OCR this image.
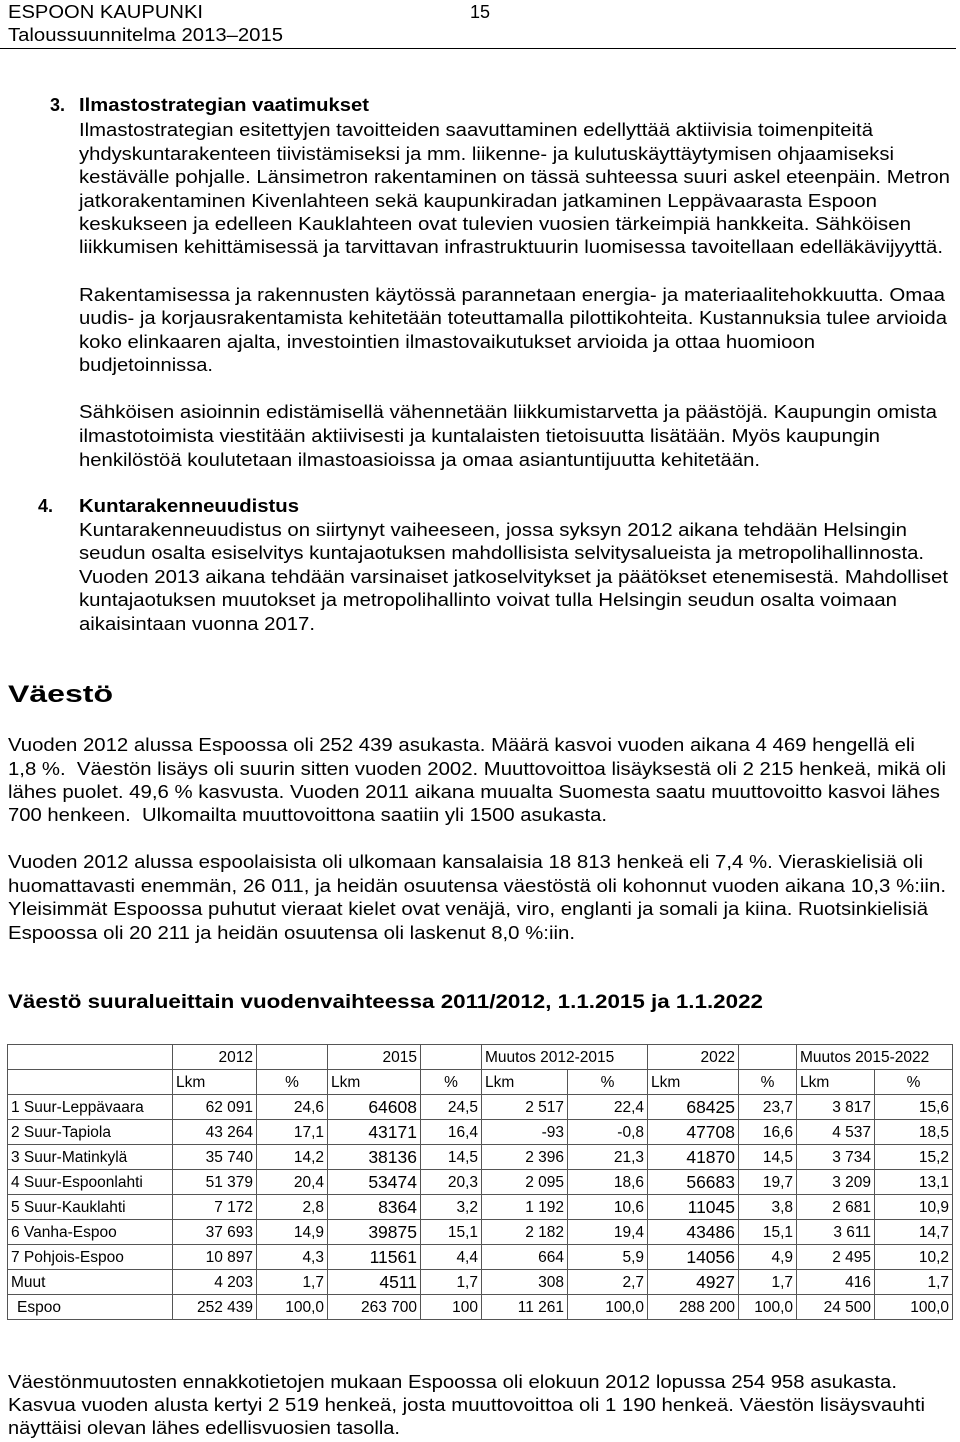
ESPOON KAUPUNKI	15
Taloussuunnitelma 2013–2015
3. Ilmastostrategian vaatimukset
Ilmastostrategian esitettyjen tavoitteiden saavuttaminen edellyttää aktiivisia toimenpiteitä
yhdyskuntarakenteen tiivistämiseksi ja mm. liikenne- ja kulutuskäyttäytymisen ohjaamiseksi
kestävälle pohjalle. Länsimetron rakentaminen on tässä suhteessa suuri askel eteenpäin. Metron
jatkorakentaminen Kivenlahteen sekä kaupunkiradan jatkaminen Leppävaarasta Espoon
keskukseen ja edelleen Kauklahteen ovat tulevien vuosien tärkeimpiä hankkeita. Sähköisen
liikkumisen kehittämisessä ja tarvittavan infrastruktuurin luomisessa tavoitellaan edelläkävijyyttä.
Rakentamisessa ja rakennusten käytössä parannetaan energia- ja materiaalitehokkuutta. Omaa
uudis- ja korjausrakentamista kehitetään toteuttamalla pilottikohteita. Kustannuksia tulee arvioida
koko elinkaaren ajalta, investointien ilmastovaikutukset arvioida ja ottaa huomioon
budjetoinnissa.
Sähköisen asioinnin edistämisellä vähennetään liikkumistarvetta ja päästöjä. Kaupungin omista
ilmastotoimista viestitään aktiivisesti ja kuntalaisten tietoisuutta lisätään. Myös kaupungin
henkilöstöä koulutetaan ilmastoasioissa ja omaa asiantuntijuutta kehitetään.
4. Kuntarakenneuudistus
Kuntarakenneuudistus on siirtynyt vaiheeseen, jossa syksyn 2012 aikana tehdään Helsingin
seudun osalta esiselvitys kuntajaotuksen mahdollisista selvitysalueista ja metropolihallinnosta.
Vuoden 2013 aikana tehdään varsinaiset jatkoselvitykset ja päätökset etenemisestä. Mahdolliset
kuntajaotuksen muutokset ja metropolihallinto voivat tulla Helsingin seudun osalta voimaan
aikaisintaan vuonna 2017.
Väestö
Vuoden 2012 alussa Espoossa oli 252 439 asukasta. Määrä kasvoi vuoden aikana 4 469 hengellä eli
1,8 %.  Väestön lisäys oli suurin sitten vuoden 2002. Muuttovoittoa lisäyksestä oli 2 215 henkeä, mikä oli
lähes puolet. 49,6 % kasvusta. Vuoden 2011 aikana muualta Suomesta saatu muuttovoitto kasvoi lähes
700 henkeen.  Ulkomailta muuttovoittona saatiin yli 1500 asukasta.
Vuoden 2012 alussa espoolaisista oli ulkomaan kansalaisia 18 813 henkeä eli 7,4 %. Vieraskielisiä oli
huomattavasti enemmän, 26 011, ja heidän osuutensa väestöstä oli kohonnut vuoden aikana 10,3 %:iin.
Yleisimmät Espoossa puhutut vieraat kielet ovat venäjä, viro, englanti ja somali ja kiina. Ruotsinkielisiä
Espoossa oli 20 211 ja heidän osuutensa oli laskenut 8,0 %:iin.
Väestö suuralueittain vuodenvaihteessa 2011/2012, 1.1.2015 ja 1.1.2022
	2012		2015		Muutos 2012-2015		2022		Muutos 2015-2022	
	Lkm	%	Lkm	%	Lkm	%	Lkm	%	Lkm	%
1 Suur-Leppävaara	62 091	24,6	64608	24,5	2 517	22,4	68425	23,7	3 817	15,6
2 Suur-Tapiola	43 264	17,1	43171	16,4	-93	-0,8	47708	16,6	4 537	18,5
3 Suur-Matinkylä	35 740	14,2	38136	14,5	2 396	21,3	41870	14,5	3 734	15,2
4 Suur-Espoonlahti	51 379	20,4	53474	20,3	2 095	18,6	56683	19,7	3 209	13,1
5 Suur-Kauklahti	7 172	2,8	8364	3,2	1 192	10,6	11045	3,8	2 681	10,9
6 Vanha-Espoo	37 693	14,9	39875	15,1	2 182	19,4	43486	15,1	3 611	14,7
7 Pohjois-Espoo	10 897	4,3	11561	4,4	664	5,9	14056	4,9	2 495	10,2
Muut	4 203	1,7	4511	1,7	308	2,7	4927	1,7	416	1,7
Espoo	252 439	100,0	263 700	100	11 261	100,0	288 200	100,0	24 500	100,0
Väestönmuutosten ennakkotietojen mukaan Espoossa oli elokuun 2012 lopussa 254 958 asukasta.
Kasvua vuoden alusta kertyi 2 519 henkeä, josta muuttovoittoa oli 1 190 henkeä. Väestön lisäysvauhti
näyttäisi olevan lähes edellisvuosien tasolla.
